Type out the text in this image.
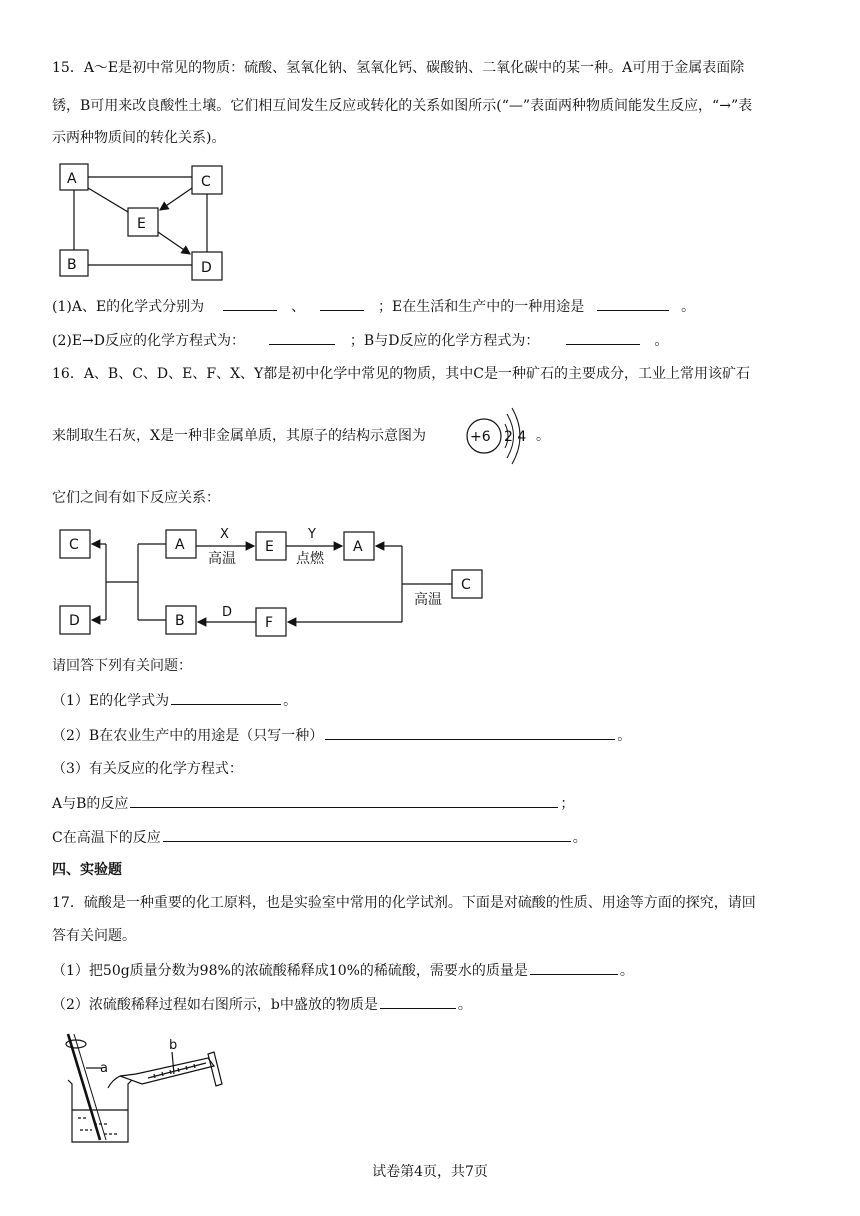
15．A～E是初中常见的物质：硫酸、氢氧化钠、氢氧化钙、碳酸钠、二氧化碳中的某一种。A可用于金属表面除
锈，B可用来改良酸性土壤。它们相互间发生反应或转化的关系如图所示(“—”表面两种物质间能发生反应，“→”表
示两种物质间的转化关系)。
A	C
E
B	D
(1)A、E的化学式分别为	、	；E在生活和生产中的一种用途是	。
(2)E→D反应的化学方程式为：	；B与D反应的化学方程式为：	。
16．A、B、C、D、E、F、X、Y都是初中化学中常见的物质，其中C是一种矿石的主要成分，工业上常用该矿石
来制取生石灰，X是一种非金属单质，其原子的结构示意图为	+6 2 4 。
它们之间有如下反应关系：
C
D
A
B
E	A
F
C
X
高温
Y
点燃
高温
D
请回答下列有关问题：
（1）E的化学式为	。
（2）B在农业生产中的用途是（只写一种）	。
（3）有关反应的化学方程式：
A与B的反应	；
C在高温下的反应	。
四、实验题
17．硫酸是一种重要的化工原料，也是实验室中常用的化学试剂。下面是对硫酸的性质、用途等方面的探究，请回
答有关问题。
（1）把50g质量分数为98%的浓硫酸稀释成10%的稀硫酸，需要水的质量是	。
（2）浓硫酸稀释过程如右图所示，b中盛放的物质是	。
a
b
试卷第4页，共7页
